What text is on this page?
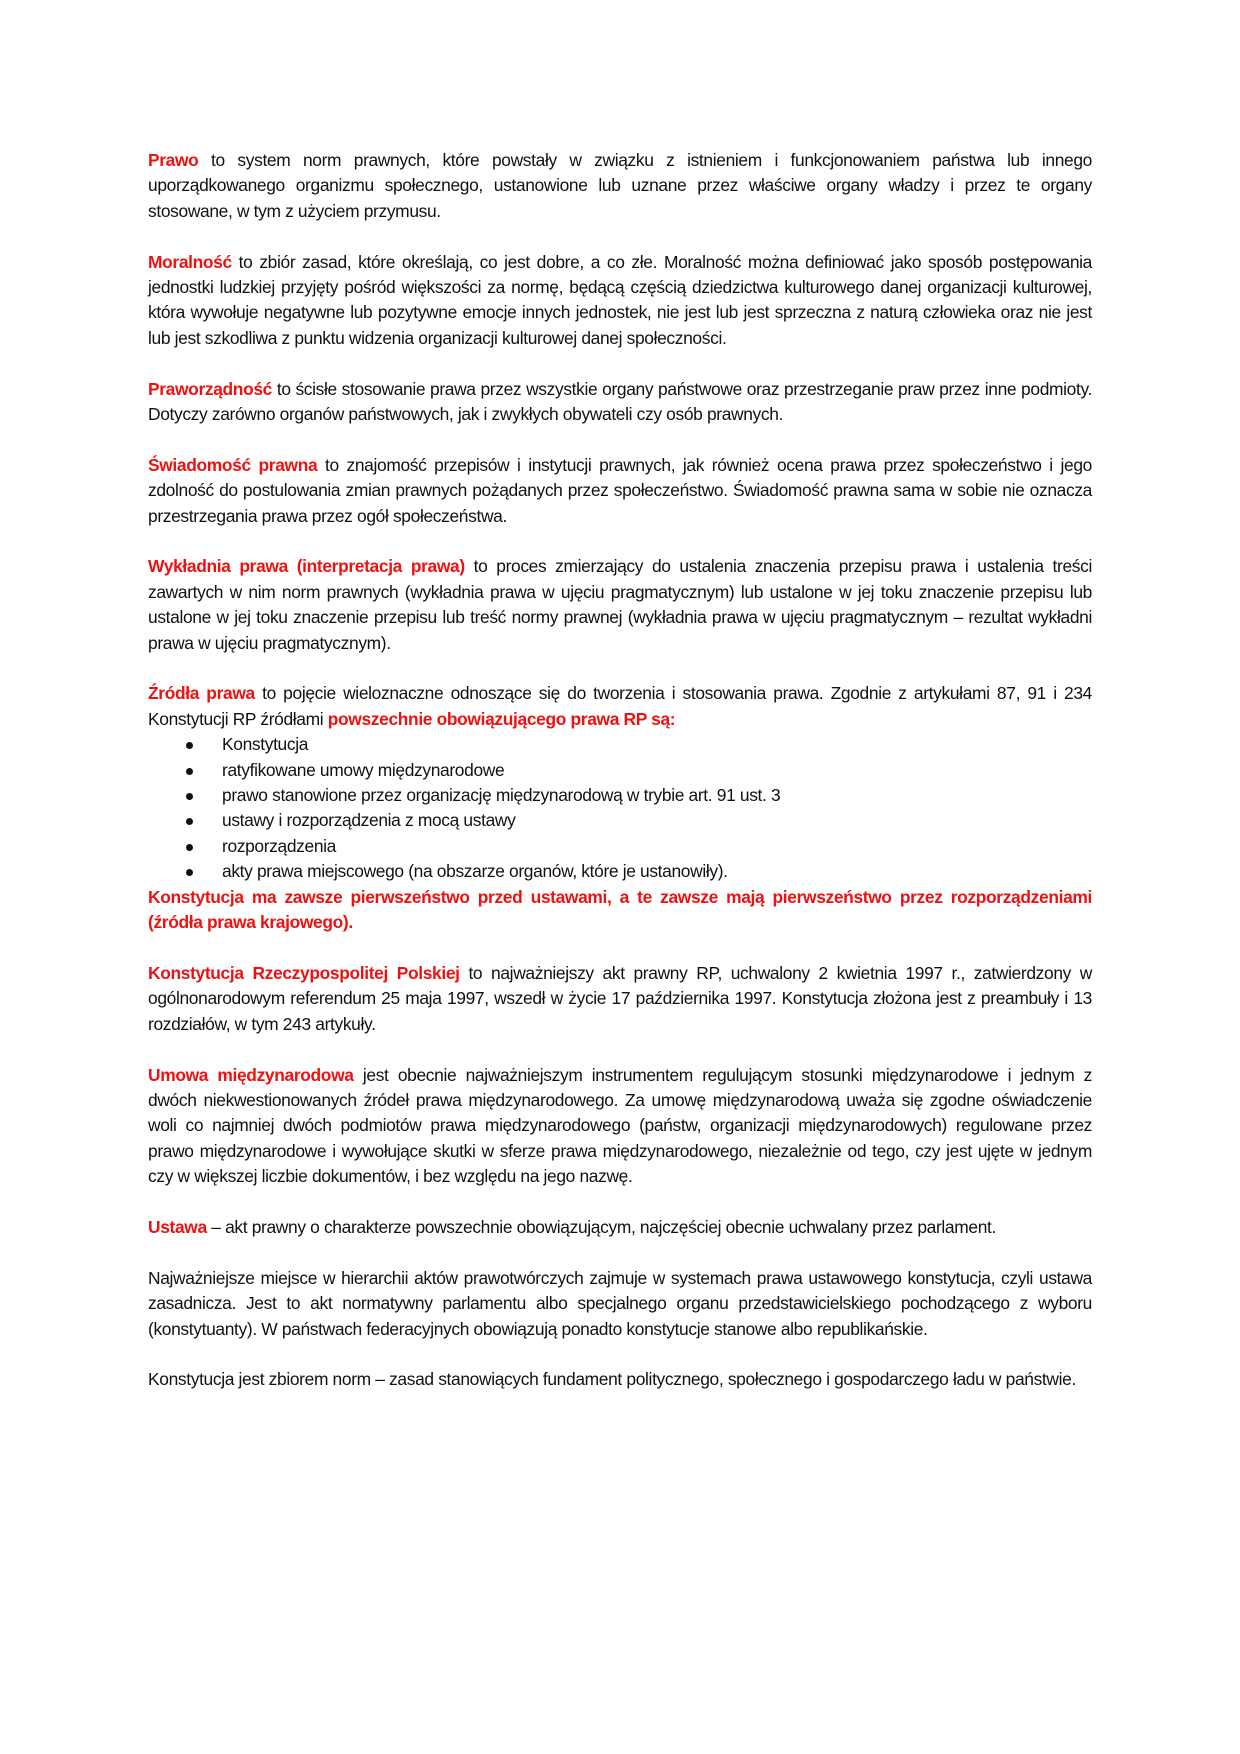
Prawo to system norm prawnych, które powstały w związku z istnieniem i funkcjonowaniem państwa lub innego uporządkowanego organizmu społecznego, ustanowione lub uznane przez właściwe organy władzy i przez te organy stosowane, w tym z użyciem przymusu.

Moralność to zbiór zasad, które określają, co jest dobre, a co złe. Moralność można definiować jako sposób postępowania jednostki ludzkiej przyjęty pośród większości za normę, będącą częścią dziedzictwa kulturowego danej organizacji kulturowej, która wywołuje negatywne lub pozytywne emocje innych jednostek, nie jest lub jest sprzeczna z naturą człowieka oraz nie jest lub jest szkodliwa z punktu widzenia organizacji kulturowej danej społeczności.

Praworządność to ścisłe stosowanie prawa przez wszystkie organy państwowe oraz przestrzeganie praw przez inne podmioty. Dotyczy zarówno organów państwowych, jak i zwykłych obywateli czy osób prawnych.

Świadomość prawna to znajomość przepisów i instytucji prawnych, jak również ocena prawa przez społeczeństwo i jego zdolność do postulowania zmian prawnych pożądanych przez społeczeństwo. Świadomość prawna sama w sobie nie oznacza przestrzegania prawa przez ogół społeczeństwa.

Wykładnia prawa (interpretacja prawa) to proces zmierzający do ustalenia znaczenia przepisu prawa i ustalenia treści zawartych w nim norm prawnych (wykładnia prawa w ujęciu pragmatycznym) lub ustalone w jej toku znaczenie przepisu lub ustalone w jej toku znaczenie przepisu lub treść normy prawnej (wykładnia prawa w ujęciu pragmatycznym – rezultat wykładni prawa w ujęciu pragmatycznym).

Źródła prawa to pojęcie wieloznaczne odnoszące się do tworzenia i stosowania prawa. Zgodnie z artykułami 87, 91 i 234 Konstytucji RP źródłami powszechnie obowiązującego prawa RP są:

Konstytucja
ratyfikowane umowy międzynarodowe
prawo stanowione przez organizację międzynarodową w trybie art. 91 ust. 3
ustawy i rozporządzenia z mocą ustawy
rozporządzenia
akty prawa miejscowego (na obszarze organów, które je ustanowiły).

Konstytucja ma zawsze pierwszeństwo przed ustawami, a te zawsze mają pierwszeństwo przez rozporządzeniami (źródła prawa krajowego).

Konstytucja Rzeczypospolitej Polskiej to najważniejszy akt prawny RP, uchwalony 2 kwietnia 1997 r., zatwierdzony w ogólnonarodowym referendum 25 maja 1997, wszedł w życie 17 października 1997. Konstytucja złożona jest z preambuły i 13 rozdziałów, w tym 243 artykuły.

Umowa międzynarodowa jest obecnie najważniejszym instrumentem regulującym stosunki międzynarodowe i jednym z dwóch niekwestionowanych źródeł prawa międzynarodowego. Za umowę międzynarodową uważa się zgodne oświadczenie woli co najmniej dwóch podmiotów prawa międzynarodowego (państw, organizacji międzynarodowych) regulowane przez prawo międzynarodowe i wywołujące skutki w sferze prawa międzynarodowego, niezależnie od tego, czy jest ujęte w jednym czy w większej liczbie dokumentów, i bez względu na jego nazwę.

Ustawa – akt prawny o charakterze powszechnie obowiązującym, najczęściej obecnie uchwalany przez parlament.

Najważniejsze miejsce w hierarchii aktów prawotwórczych zajmuje w systemach prawa ustawowego konstytucja, czyli ustawa zasadnicza. Jest to akt normatywny parlamentu albo specjalnego organu przedstawicielskiego pochodzącego z wyboru (konstytuanty). W państwach federacyjnych obowiązują ponadto konstytucje stanowe albo republikańskie.

Konstytucja jest zbiorem norm – zasad stanowiących fundament politycznego, społecznego i gospodarczego ładu w państwie.
